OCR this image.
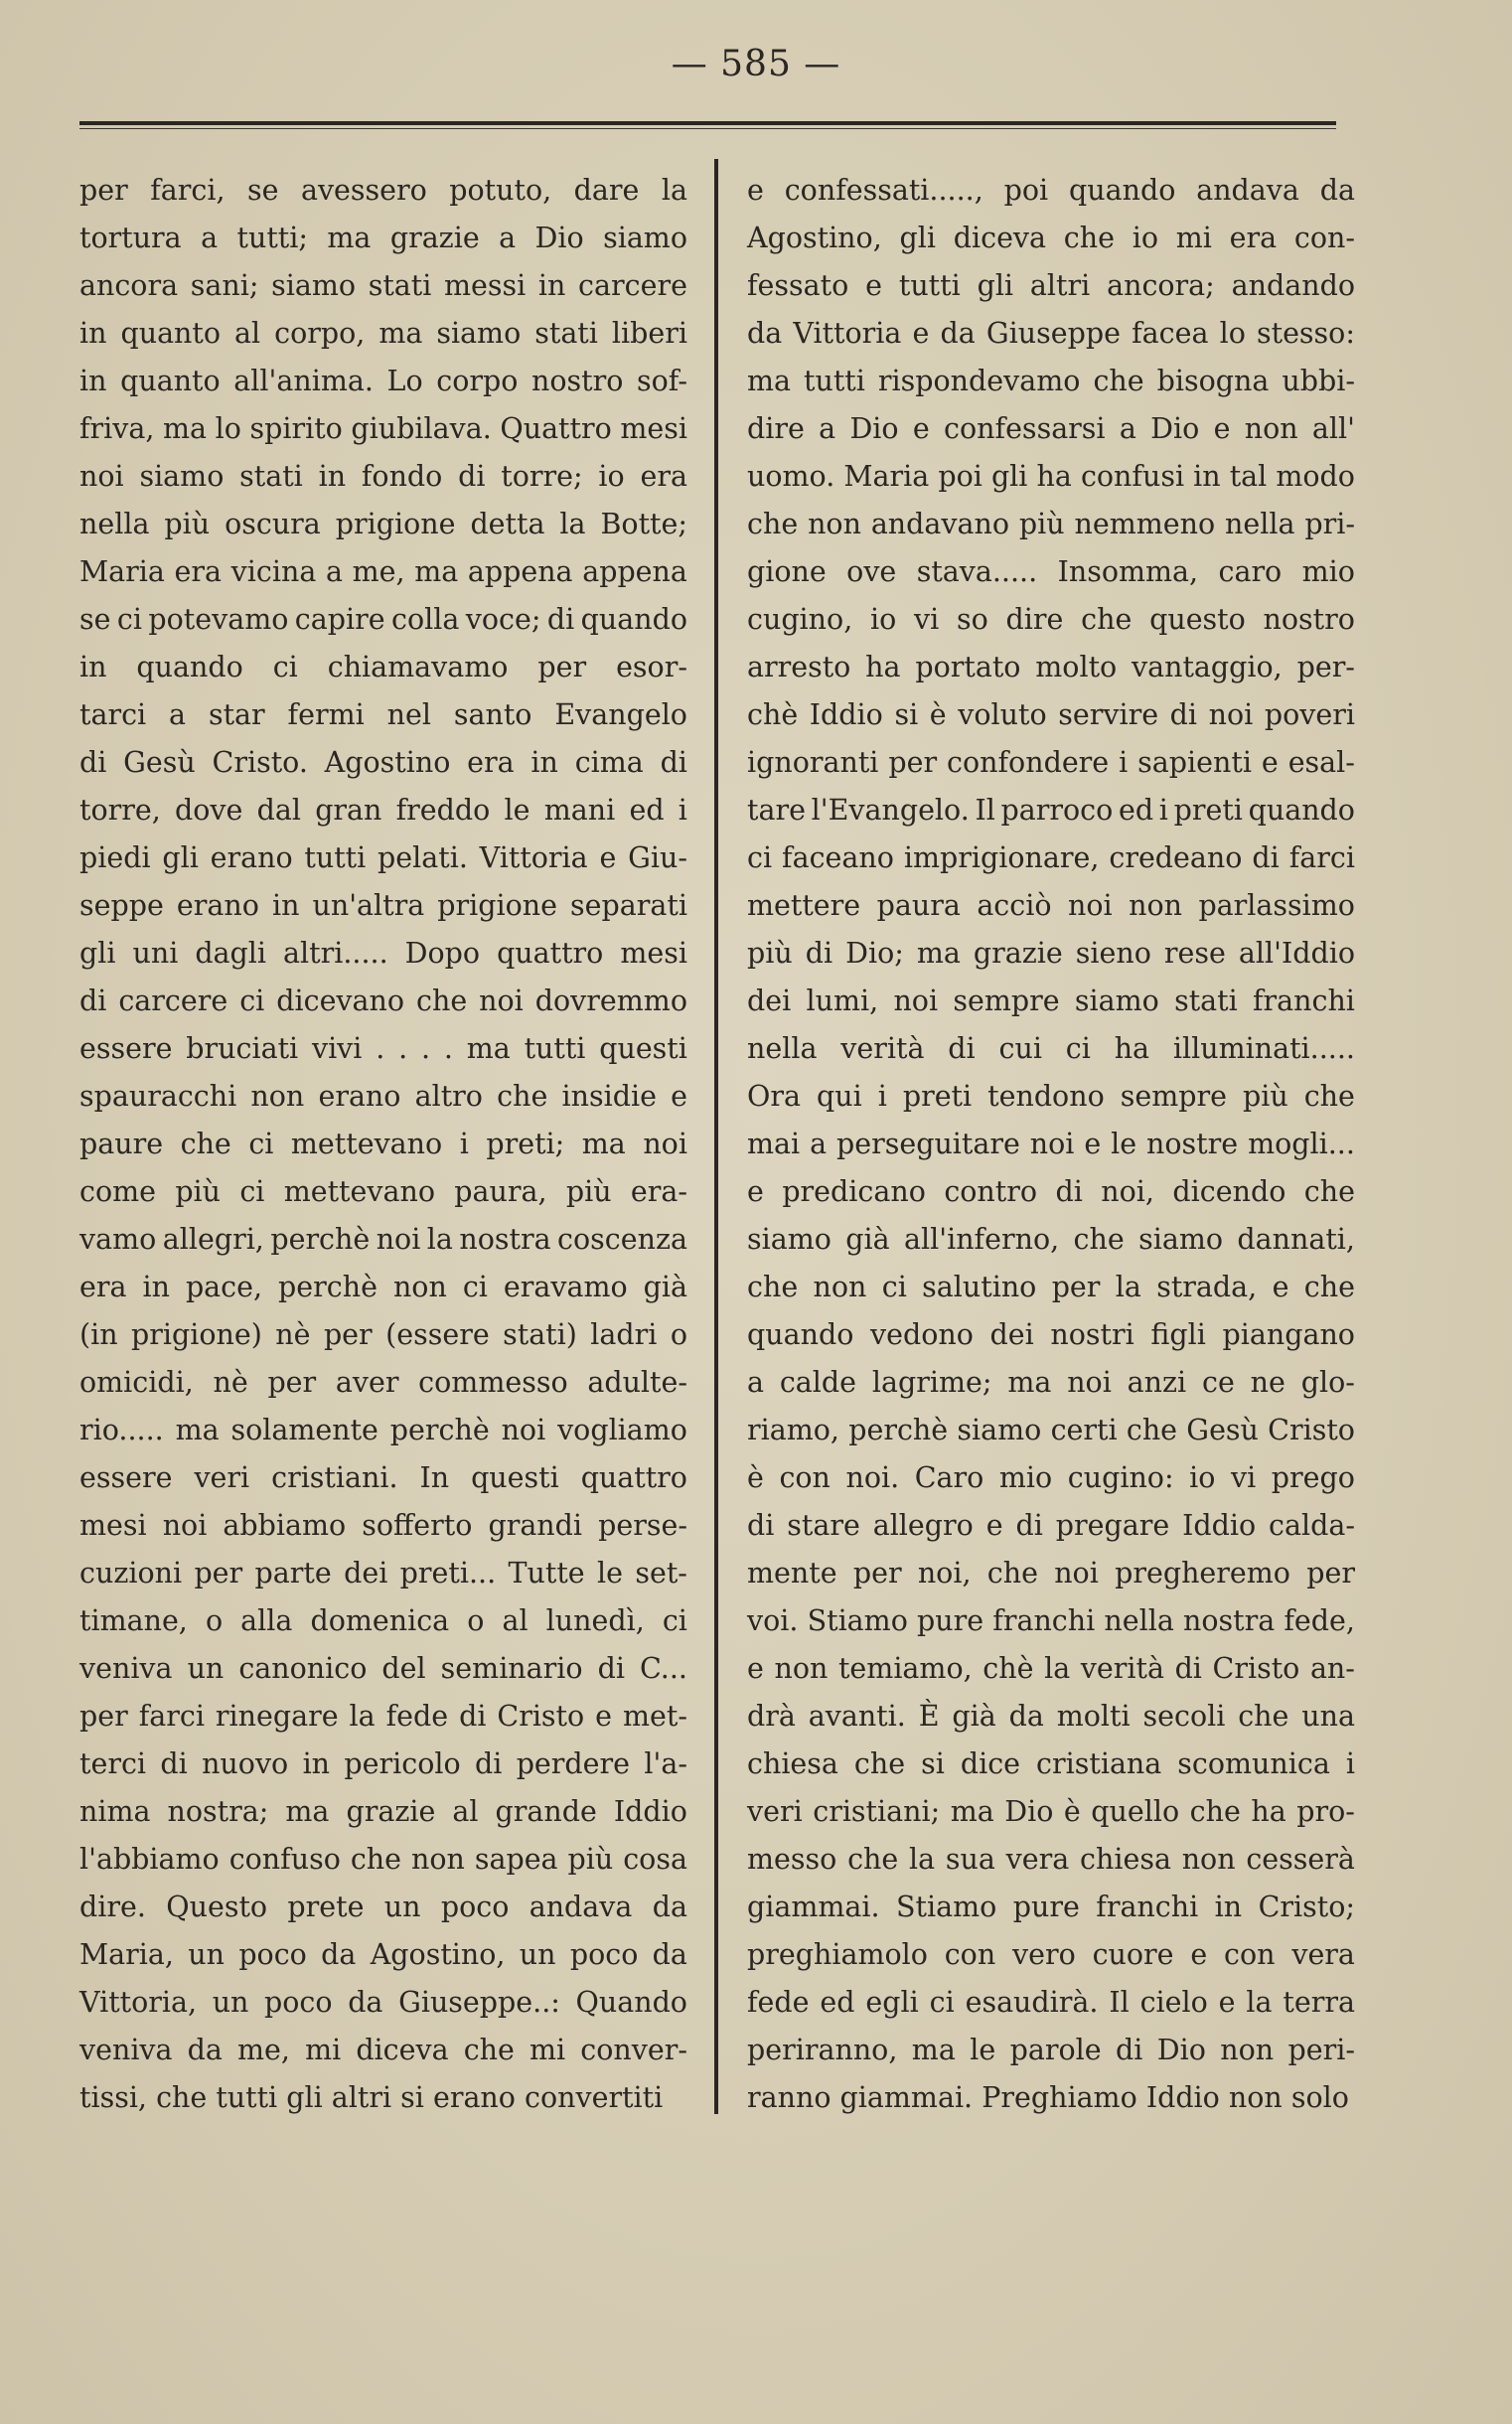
— 585 —
per farci, se avessero potuto, dare la
tortura a tutti; ma grazie a Dio siamo
ancora sani; siamo stati messi in carcere
in quanto al corpo, ma siamo stati liberi
in quanto all'anima. Lo corpo nostro sof-
friva, ma lo spirito giubilava. Quattro mesi
noi siamo stati in fondo di torre; io era
nella più oscura prigione detta la Botte;
Maria era vicina a me, ma appena appena
se ci potevamo capire colla voce; di quando
in quando ci chiamavamo per esor-
tarci a star fermi nel santo Evangelo
di Gesù Cristo. Agostino era in cima di
torre, dove dal gran freddo le mani ed i
piedi gli erano tutti pelati. Vittoria e Giu-
seppe erano in un'altra prigione separati
gli uni dagli altri..... Dopo quattro mesi
di carcere ci dicevano che noi dovremmo
essere bruciati vivi . . . . ma tutti questi
spauracchi non erano altro che insidie e
paure che ci mettevano i preti; ma noi
come più ci mettevano paura, più era-
vamo allegri, perchè noi la nostra coscenza
era in pace, perchè non ci eravamo già
(in prigione) nè per (essere stati) ladri o
omicidi, nè per aver commesso adulte-
rio..... ma solamente perchè noi vogliamo
essere veri cristiani. In questi quattro
mesi noi abbiamo sofferto grandi perse-
cuzioni per parte dei preti... Tutte le set-
timane, o alla domenica o al lunedì, ci
veniva un canonico del seminario di C...
per farci rinegare la fede di Cristo e met-
terci di nuovo in pericolo di perdere l'a-
nima nostra; ma grazie al grande Iddio
l'abbiamo confuso che non sapea più cosa
dire. Questo prete un poco andava da
Maria, un poco da Agostino, un poco da
Vittoria, un poco da Giuseppe..: Quando
veniva da me, mi diceva che mi conver-
tissi,
che
tutti
gli
altri
si
erano
convertiti
e confessati....., poi quando andava da
Agostino, gli diceva che io mi era con-
fessato e tutti gli altri ancora; andando
da Vittoria e da Giuseppe facea lo stesso:
ma tutti rispondevamo che bisogna ubbi-
dire a Dio e confessarsi a Dio e non all'
uomo. Maria poi gli ha confusi in tal modo
che non andavano più nemmeno nella pri-
gione ove stava..... Insomma, caro mio
cugino, io vi so dire che questo nostro
arresto ha portato molto vantaggio, per-
chè Iddio si è voluto servire di noi poveri
ignoranti per confondere i sapienti e esal-
tare l'Evangelo. Il parroco ed i preti quando
ci faceano imprigionare, credeano di farci
mettere paura acciò noi non parlassimo
più di Dio; ma grazie sieno rese all'Iddio
dei lumi, noi sempre siamo stati franchi
nella verità di cui ci ha illuminati.....
Ora qui i preti tendono sempre più che
mai a perseguitare noi e le nostre mogli...
e predicano contro di noi, dicendo che
siamo già all'inferno, che siamo dannati,
che non ci salutino per la strada, e che
quando vedono dei nostri figli piangano
a calde lagrime; ma noi anzi ce ne glo-
riamo, perchè siamo certi che Gesù Cristo
è con noi. Caro mio cugino: io vi prego
di stare allegro e di pregare Iddio calda-
mente per noi, che noi pregheremo per
voi. Stiamo pure franchi nella nostra fede,
e non temiamo, chè la verità di Cristo an-
drà avanti. È già da molti secoli che una
chiesa che si dice cristiana scomunica i
veri cristiani; ma Dio è quello che ha pro-
messo che la sua vera chiesa non cesserà
giammai. Stiamo pure franchi in Cristo;
preghiamolo con vero cuore e con vera
fede ed egli ci esaudirà. Il cielo e la terra
periranno, ma le parole di Dio non peri-
ranno
giammai.
Preghiamo
Iddio
non
solo
